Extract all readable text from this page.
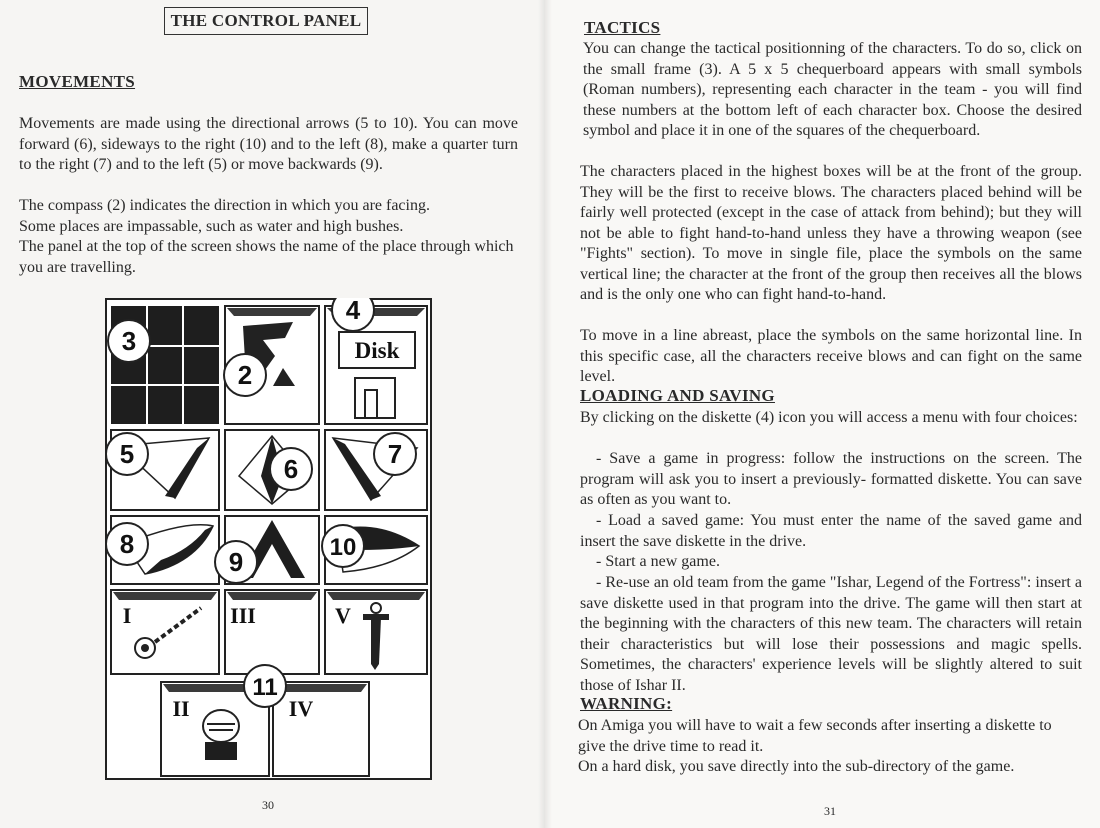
THE CONTROL PANEL
MOVEMENTS

Movements are made using the directional arrows (5 to 10). You can move forward (6), sideways to the right (10) and to the left (8), make a quarter turn to the right (7) and to the left (5) or move backwards (9).

The compass (2) indicates the direction in which you are facing.

Some places are impassable, such as water and high bushes.

The panel at the top of the screen shows the name of the place through which you are travelling.

Disk
I	III	V
II	IV
3
4
2
5	6	7
8
9	10
11
30
TACTICS

You can change the tactical positionning of the characters. To do so, click on the small frame (3). A 5 x 5 chequerboard appears with small symbols (Roman numbers), representing each character in the team - you will find these numbers at the bottom left of each character box. Choose the desired symbol and place it in one of the squares of the chequerboard.

The characters placed in the highest boxes will be at the front of the group. They will be the first to receive blows. The characters placed behind will be fairly well protected (except in the case of attack from behind); but they will not be able to fight hand-to-hand unless they have a throwing weapon (see "Fights" section). To move in single file, place the symbols on the same vertical line; the character at the front of the group then receives all the blows and is the only one who can fight hand-to-hand.

To move in a line abreast, place the symbols on the same horizontal line. In this specific case, all the characters receive blows and can fight on the same level.

LOADING AND SAVING

By clicking on the diskette (4) icon you will access a menu with four choices:

- Save a game in progress: follow the instructions on the screen. The program will ask you to insert a previously- formatted diskette. You can save as often as you want to.

- Load a saved game: You must enter the name of the saved game and insert the save diskette in the drive.

- Start a new game.

- Re-use an old team from the game "Ishar, Legend of the Fortress": insert a save diskette used in that program into the drive. The game will then start at the beginning with the characters of this new team. The characters will retain their characteristics but will lose their possessions and magic spells. Sometimes, the characters' experience levels will be slightly altered to suit those of Ishar II.

WARNING:

On Amiga you will have to wait a few seconds after inserting a diskette to give the drive time to read it.

On a hard disk, you save directly into the sub-directory of the game.

31
